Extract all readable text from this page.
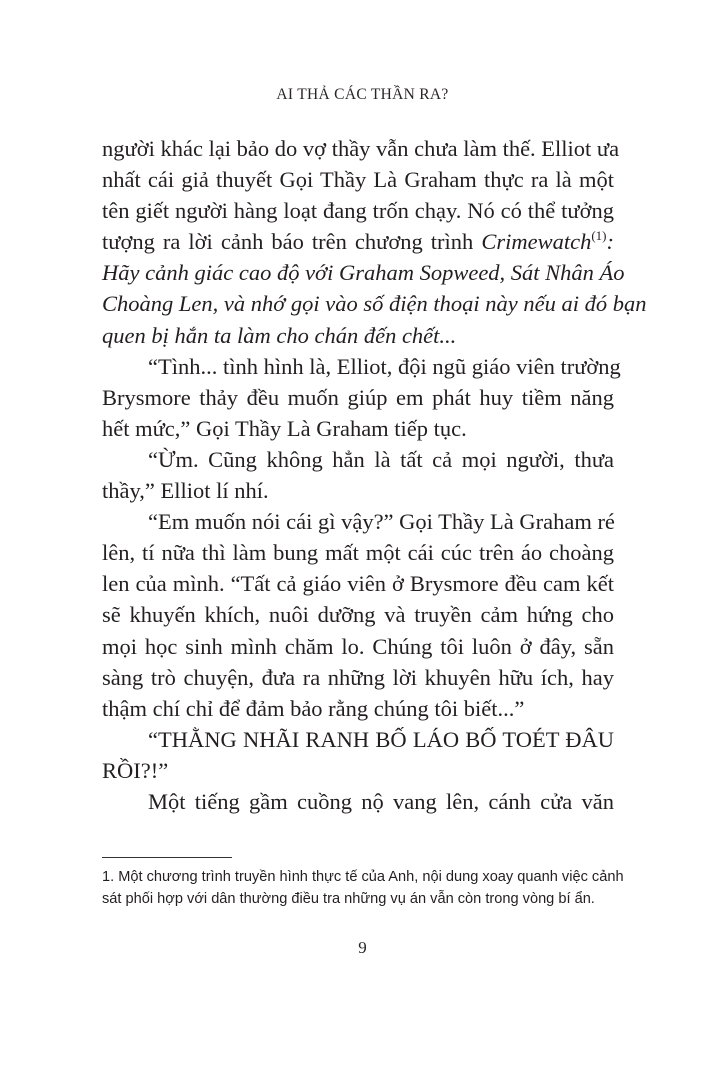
AI THẢ CÁC THẦN RA?
người khác lại bảo do vợ thầy vẫn chưa làm thế. Elliot ưa
nhất cái giả thuyết Gọi Thầy Là Graham thực ra là một
tên giết người hàng loạt đang trốn chạy. Nó có thể tưởng
tượng ra lời cảnh báo trên chương trình Crimewatch$^{(1)}$:
Hãy cảnh giác cao độ với Graham Sopweed, Sát Nhân Áo
Choàng Len, và nhớ gọi vào số điện thoại này nếu ai đó bạn
quen bị hắn ta làm cho chán đến chết...
“Tình... tình hình là, Elliot, đội ngũ giáo viên trường
Brysmore thảy đều muốn giúp em phát huy tiềm năng
hết mức,” Gọi Thầy Là Graham tiếp tục.
“Ừm. Cũng không hẳn là tất cả mọi người, thưa
thầy,” Elliot lí nhí.
“Em muốn nói cái gì vậy?” Gọi Thầy Là Graham ré
lên, tí nữa thì làm bung mất một cái cúc trên áo choàng
len của mình. “Tất cả giáo viên ở Brysmore đều cam kết
sẽ khuyến khích, nuôi dưỡng và truyền cảm hứng cho
mọi học sinh mình chăm lo. Chúng tôi luôn ở đây, sẵn
sàng trò chuyện, đưa ra những lời khuyên hữu ích, hay
thậm chí chỉ để đảm bảo rằng chúng tôi biết...”
“THẰNG NHÃI RANH BỐ LÁO BỐ TOÉT ĐÂU
RỒI?!”
Một tiếng gầm cuồng nộ vang lên, cánh cửa văn
1. Một chương trình truyền hình thực tế của Anh, nội dung xoay quanh việc cảnh
sát phối hợp với dân thường điều tra những vụ án vẫn còn trong vòng bí ẩn.
9
